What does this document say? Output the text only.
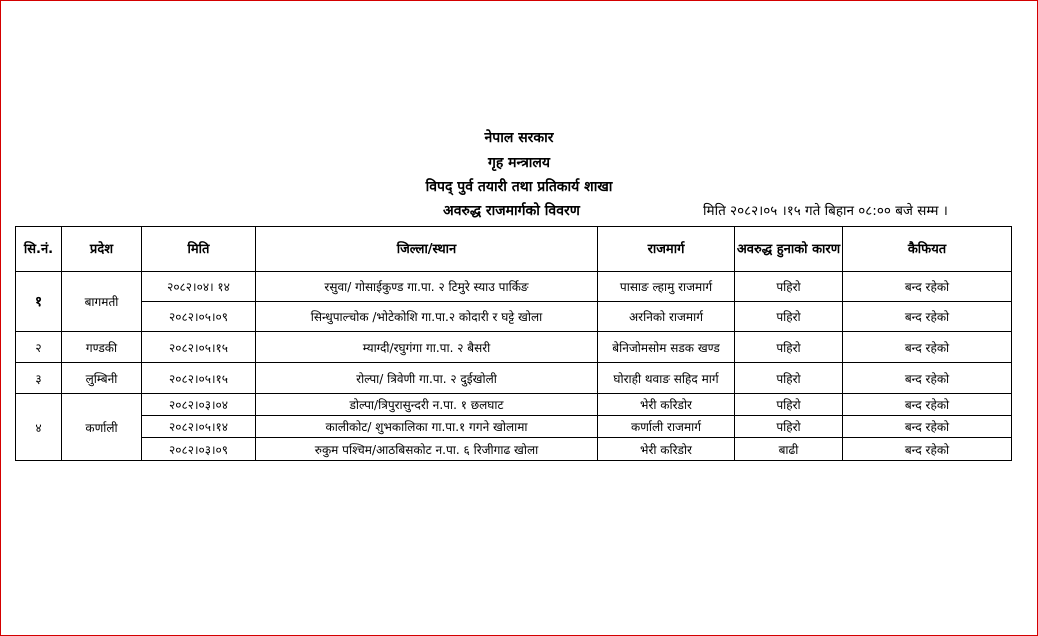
नेपाल सरकार
गृह मन्त्रालय
विपद् पुर्व तयारी तथा प्रतिकार्य शाखा
अवरुद्ध राजमार्गको विवरण	मिति २०८२।०५ ।१५ गते बिहान ०८:०० बजे सम्म ।
सि.नं.	प्रदेश	मिति	जिल्ला/स्थान	राजमार्ग	अवरुद्ध हुनाको कारण	कैफियत
१	बागमती	२०८२।०४। १४	रसुवा/ गोसाईकुण्ड गा.पा. २ टिमुरे स्याउ पार्किङ	पासाङ ल्हामु राजमार्ग	पहिरो	बन्द रहेको
		२०८२।०५।०९	सिन्धुपाल्चोक /भोटेकोशि गा.पा.२ कोदारी र घट्टे खोला	अरनिको राजमार्ग	पहिरो	बन्द रहेको
२	गण्डकी	२०८२।०५।१५	म्याग्दी/रघुगंगा गा.पा. २ बैसरी	बेनिजोमसोम सडक खण्ड	पहिरो	बन्द रहेको
३	लुम्बिनी	२०८२।०५।१५	रोल्पा/ त्रिवेणी गा.पा. २ दुईखोली	घोराही थवाङ सहिद मार्ग	पहिरो	बन्द रहेको
४	कर्णाली	२०८२।०३।०४	डोल्पा/त्रिपुरासुन्दरी न.पा. १ छलघाट	भेरी करिडोर	पहिरो	बन्द रहेको
		२०८२।०५।१४	कालीकोट/ शुभकालिका गा.पा.१ गगने खोलामा	कर्णाली राजमार्ग	पहिरो	बन्द रहेको
		२०८२।०३।०९	रुकुम पश्चिम/आठबिसकोट न.पा. ६ रिजीगाढ खोला	भेरी करिडोर	बाढी	बन्द रहेको
